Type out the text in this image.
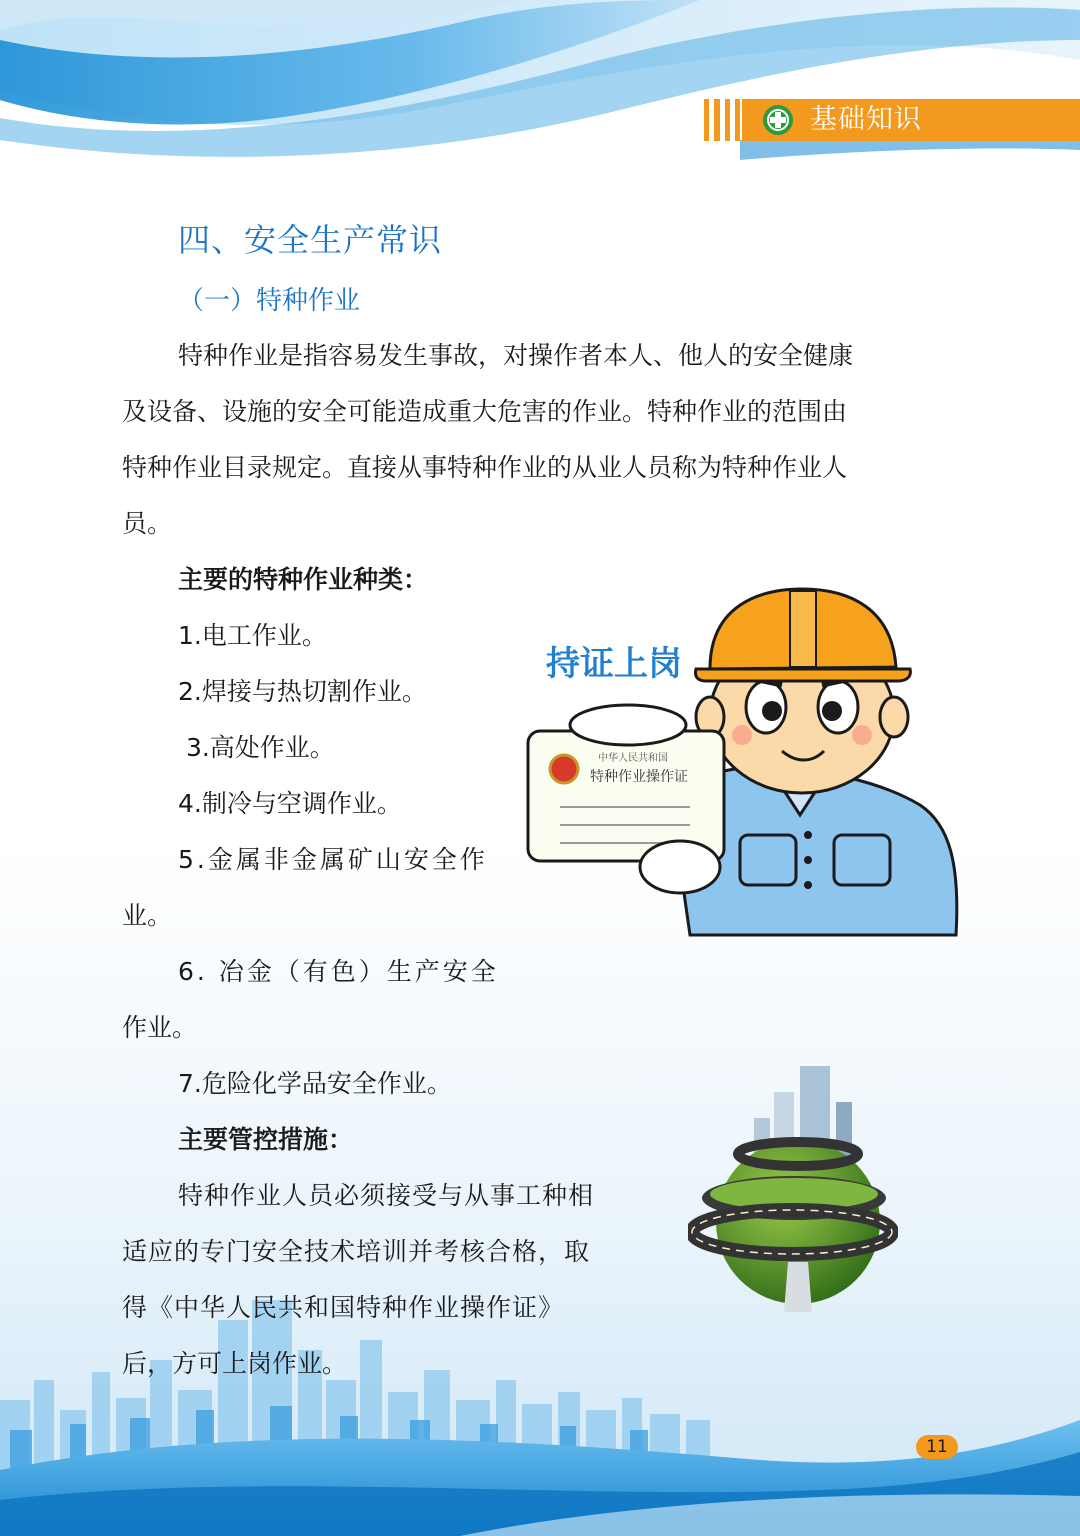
基础知识
四、安全生产常识
（一）特种作业
特种作业是指容易发生事故，对操作者本人、他人的安全健康
及设备、设施的安全可能造成重大危害的作业。特种作业的范围由
特种作业目录规定。直接从事特种作业的从业人员称为特种作业人
员。
主要的特种作业种类：
1.电工作业。
2.焊接与热切割作业。
3.高处作业。
4.制冷与空调作业。
5.金属非金属矿山安全作
业。
6. 冶金（有色）生产安全
作业。
7.危险化学品安全作业。
主要管控措施：
特种作业人员必须接受与从事工种相
适应的专门安全技术培训并考核合格，取
得《中华人民共和国特种作业操作证》
后，方可上岗作业。
持证上岗
中华人民共和国
特种作业操作证
11
